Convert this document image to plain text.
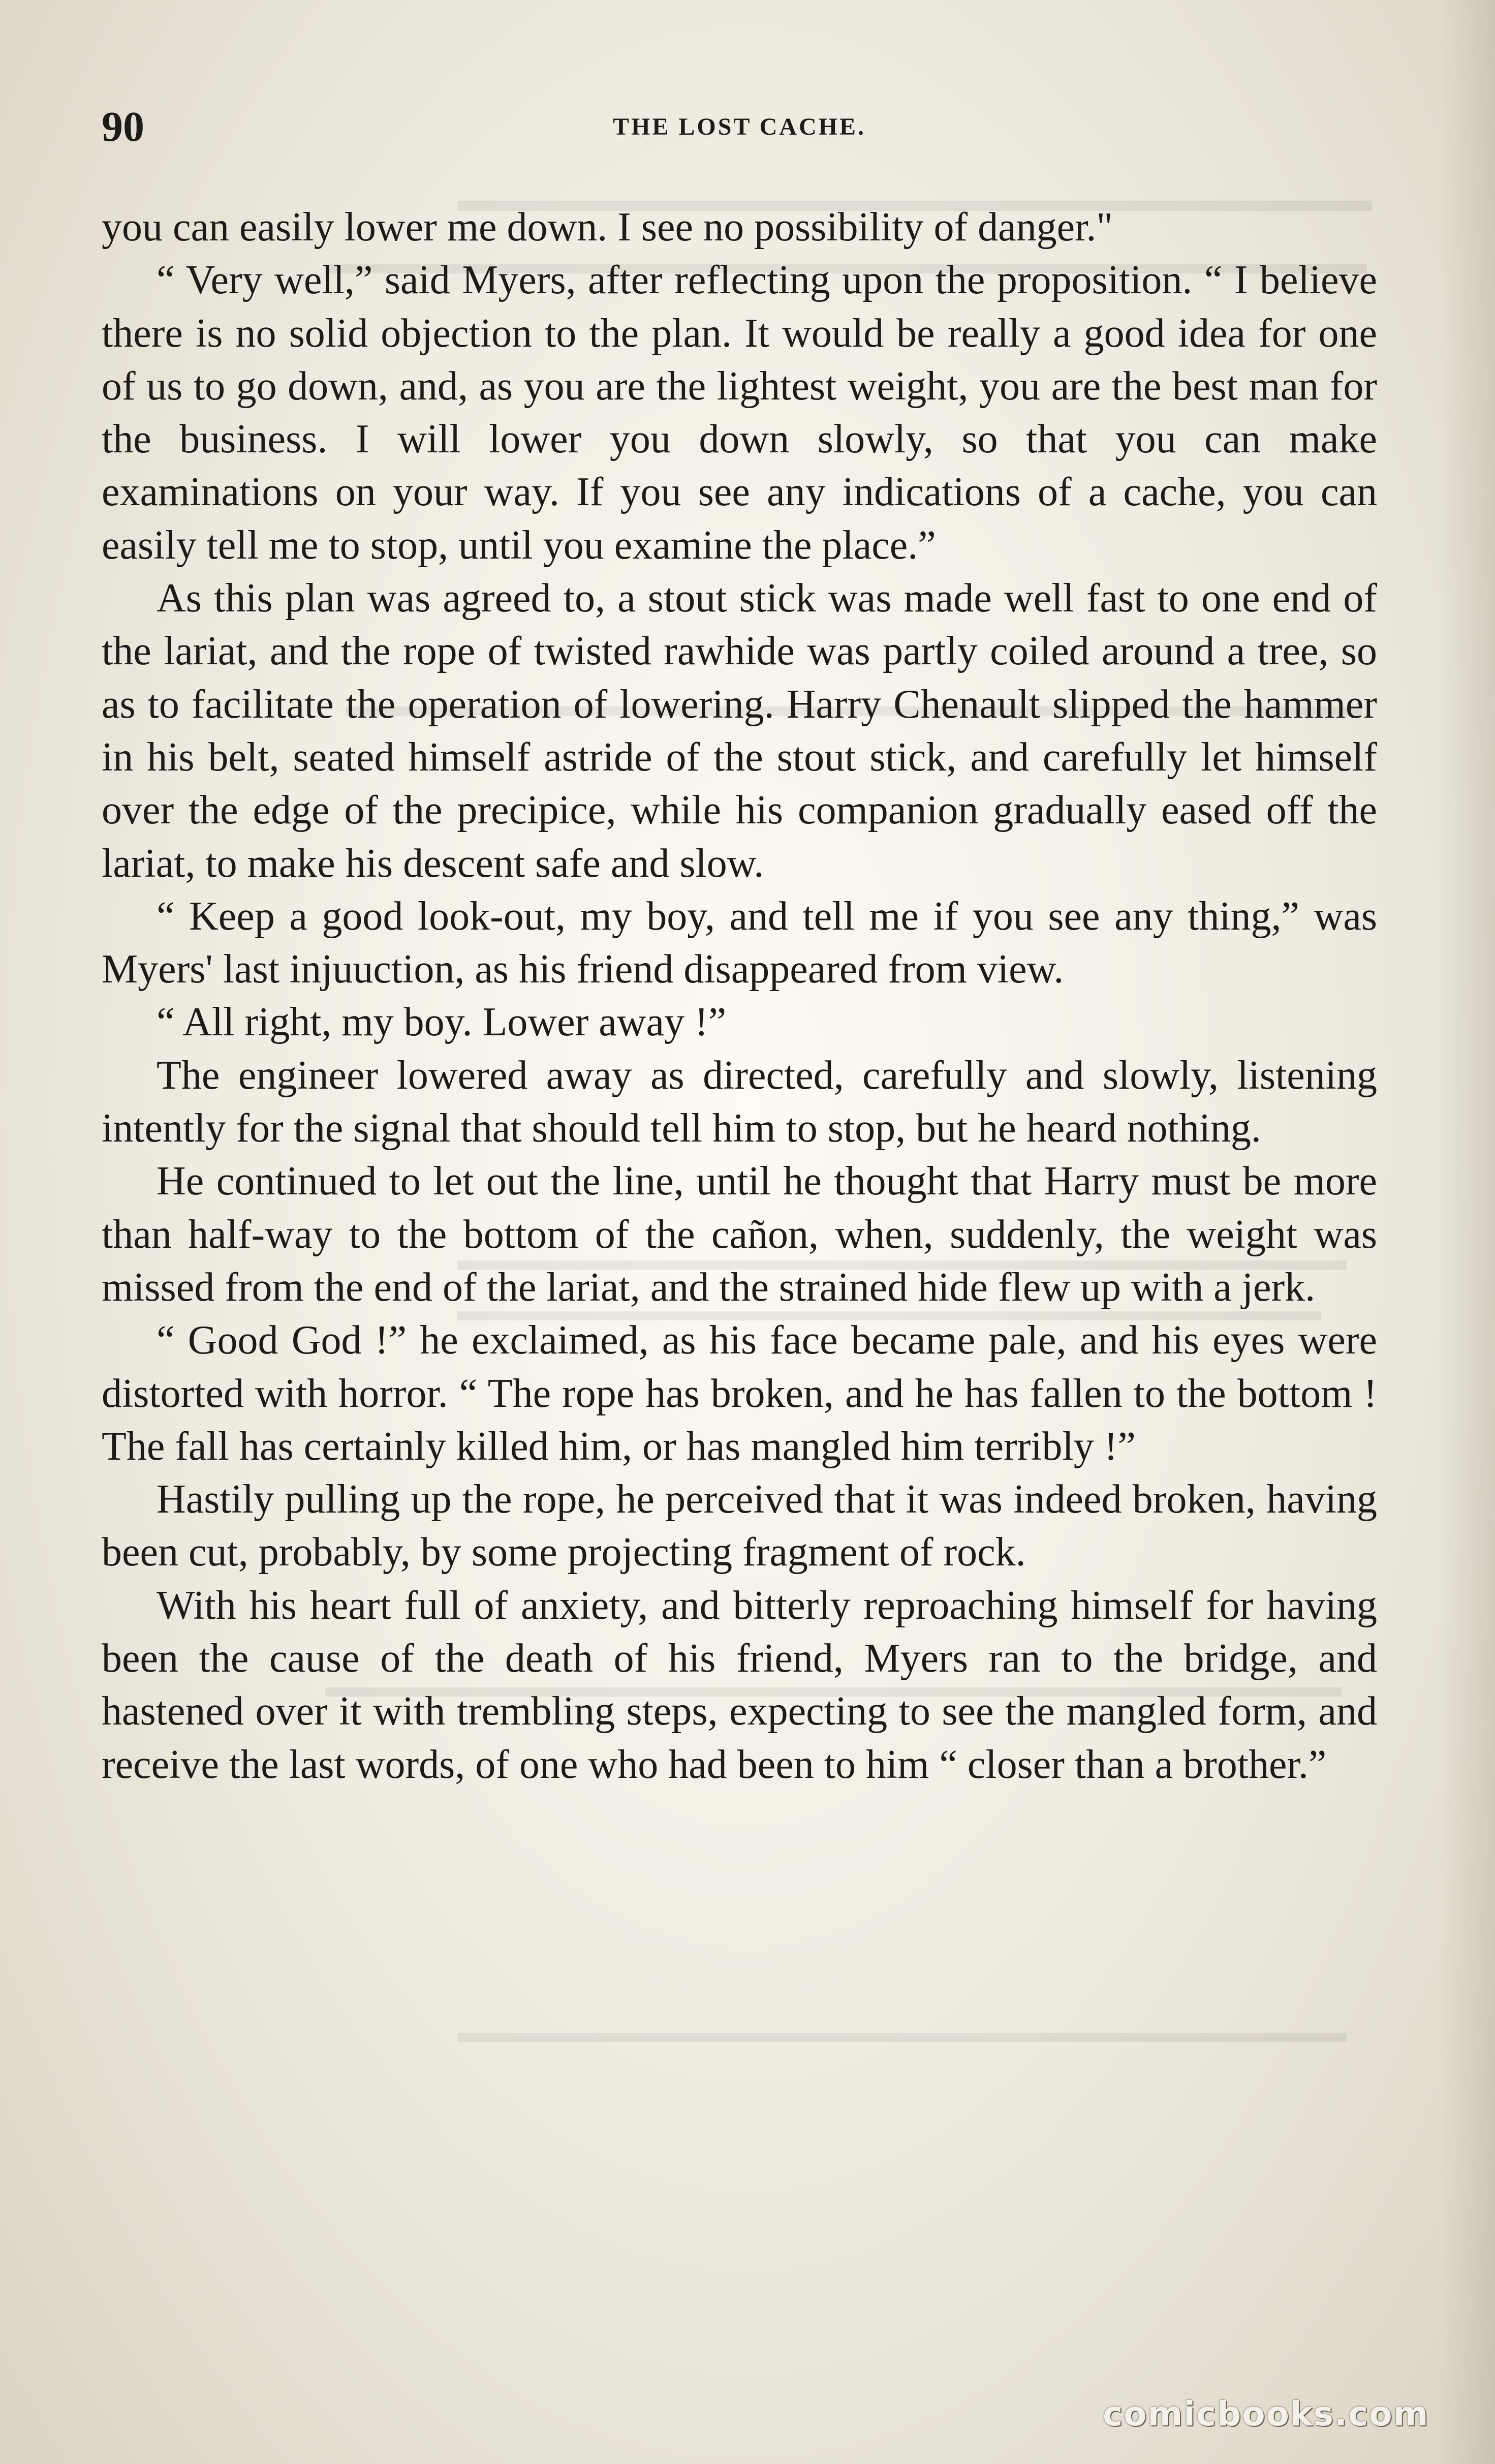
90	THE LOST CACHE.

you can easily lower me down. I see no possibility of danger."

“ Very well,” said Myers, after reflecting upon the proposition. “ I believe there is no solid objection to the plan. It would be really a good idea for one of us to go down, and, as you are the lightest weight, you are the best man for the business. I will lower you down slowly, so that you can make examinations on your way. If you see any indications of a cache, you can easily tell me to stop, until you examine the place.”

As this plan was agreed to, a stout stick was made well fast to one end of the lariat, and the rope of twisted rawhide was partly coiled around a tree, so as to facilitate the operation of lowering. Harry Chenault slipped the hammer in his belt, seated himself astride of the stout stick, and carefully let himself over the edge of the precipice, while his companion gradually eased off the lariat, to make his descent safe and slow.

“ Keep a good look-out, my boy, and tell me if you see any thing,” was Myers' last injuuction, as his friend disappeared from view.

“ All right, my boy. Lower away !”

The engineer lowered away as directed, carefully and slowly, listening intently for the signal that should tell him to stop, but he heard nothing.

He continued to let out the line, until he thought that Harry must be more than half-way to the bottom of the cañon, when, suddenly, the weight was missed from the end of the lariat, and the strained hide flew up with a jerk.

“ Good God !” he exclaimed, as his face became pale, and his eyes were distorted with horror. “ The rope has broken, and he has fallen to the bottom ! The fall has certainly killed him, or has mangled him terribly !”

Hastily pulling up the rope, he perceived that it was indeed broken, having been cut, probably, by some projecting fragment of rock.

With his heart full of anxiety, and bitterly reproaching himself for having been the cause of the death of his friend, Myers ran to the bridge, and hastened over it with trembling steps, expecting to see the mangled form, and receive the last words, of one who had been to him “ closer than a brother.”

comicbooks.com
